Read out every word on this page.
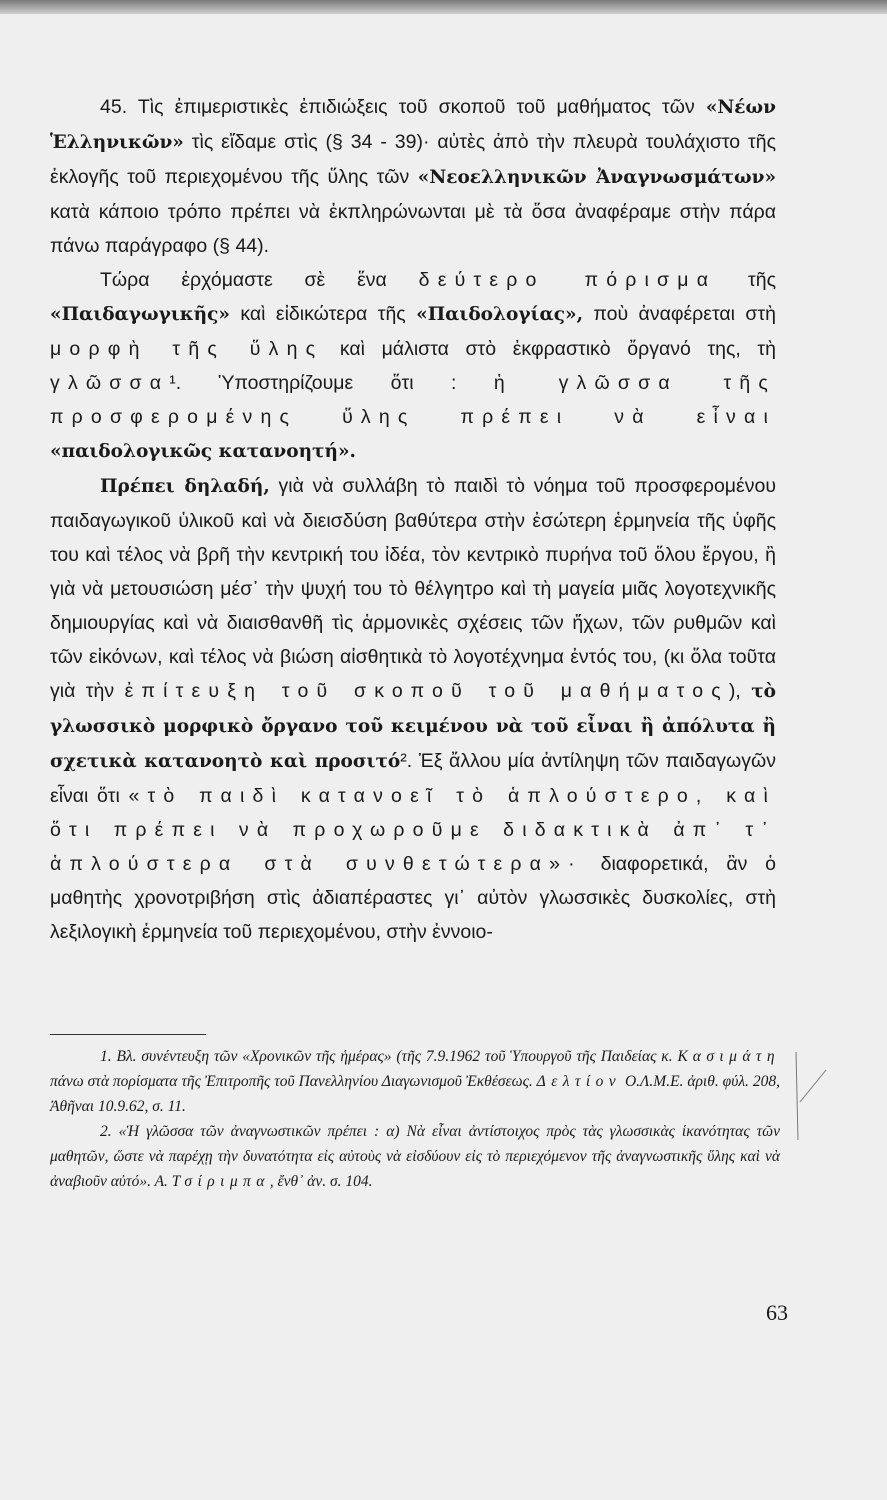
45. Τὶς ἐπιμεριστικὲς ἐπιδιώξεις τοῦ σκοποῦ τοῦ μαθήματος τῶν «Νέων Ἑλληνικῶν» τὶς εἴδαμε στὶς (§ 34 - 39)· αὐτὲς ἀπὸ τὴν πλευρὰ τουλάχιστο τῆς ἐκλογῆς τοῦ περιεχομένου τῆς ὕλης τῶν «Νεοελληνικῶν Ἀναγνωσμάτων» κατὰ κάποιο τρόπο πρέπει νὰ ἐκπληρώνωνται μὲ τὰ ὅσα ἀναφέραμε στὴν πάρα πάνω παράγραφο (§ 44).

Τώρα ἐρχόμαστε σὲ ἕνα δεύτερο πόρισμα τῆς «Παιδαγωγικῆς» καὶ εἰδικώτερα τῆς «Παιδολογίας», ποὺ ἀναφέρεται στὴ μορφὴ τῆς ὕλης καὶ μάλιστα στὸ ἐκφραστικὸ ὄργανό της, τὴ γλῶσσα¹. Ὑποστηρίζουμε ὅτι : ἡ γλῶσσα τῆς προσφερομένης ὕλης πρέπει νὰ εἶναι «παιδολογικῶς κατανοητή».

Πρέπει δηλαδή, γιὰ νὰ συλλάβη τὸ παιδὶ τὸ νόημα τοῦ προσφερομένου παιδαγωγικοῦ ὑλικοῦ καὶ νὰ διεισδύση βαθύτερα στὴν ἐσώτερη ἑρμηνεία τῆς ὑφῆς του καὶ τέλος νὰ βρῆ τὴν κεντρική του ἰδέα, τὸν κεντρικὸ πυρήνα τοῦ ὅλου ἔργου, ἢ γιὰ νὰ μετουσιώση μέσ᾽ τὴν ψυχή του τὸ θέλγητρο καὶ τὴ μαγεία μιᾶς λογοτεχνικῆς δημιουργίας καὶ νὰ διαισθανθῆ τὶς ἁρμονικὲς σχέσεις τῶν ἤχων, τῶν ρυθμῶν καὶ τῶν εἰκόνων, καὶ τέλος νὰ βιώση αἰσθητικὰ τὸ λογοτέχνημα ἐντός του, (κι ὅλα τοῦτα γιὰ τὴν ἐπίτευξη τοῦ σκοποῦ τοῦ μαθήματος), τὸ γλωσσικὸ μορφικὸ ὄργανο τοῦ κειμένου νὰ τοῦ εἶναι ἢ ἀπόλυτα ἢ σχετικὰ κατανοητὸ καὶ προσιτό². Ἐξ ἄλλου μία ἀντίληψη τῶν παιδαγωγῶν εἶναι ὅτι «τὸ παιδὶ κατανοεῖ τὸ ἁπλούστερο, καὶ ὅτι πρέπει νὰ προχωροῦμε διδακτικὰ ἀπ᾽ τ᾽ ἁπλούστερα στὰ συνθετώτερα»· διαφορετικά, ἂν ὁ μαθητὴς χρονοτριβήση στὶς ἀδιαπέραστες γι᾽ αὐτὸν γλωσσικὲς δυσκολίες, στὴ λεξιλογικὴ ἑρμηνεία τοῦ περιεχομένου, στὴν ἐννοιο-

1. Βλ. συνέντευξη τῶν «Χρονικῶν τῆς ἡμέρας» (τῆς 7.9.1962 τοῦ Ὑπουργοῦ τῆς Παιδείας κ. Κασιμάτη πάνω στὰ πορίσματα τῆς Ἐπιτροπῆς τοῦ Πανελληνίου Διαγωνισμοῦ Ἐκθέσεως. Δελτίον Ο.Λ.Μ.Ε. ἀριθ. φύλ. 208, Ἀθῆναι 10.9.62, σ. 11.

2. «Ἡ γλῶσσα τῶν ἀναγνωστικῶν πρέπει : α) Νὰ εἶναι ἀντίστοιχος πρὸς τὰς γλωσσικὰς ἱκανότητας τῶν μαθητῶν, ὥστε νὰ παρέχῃ τὴν δυνατότητα εἰς αὐτοὺς νὰ εἰσδύουν εἰς τὸ περιεχόμενον τῆς ἀναγνωστικῆς ὕλης καὶ νὰ ἀναβιοῦν αὐτό». Α. Τσίριμπα, ἔνθ᾽ ἀν. σ. 104.

63
